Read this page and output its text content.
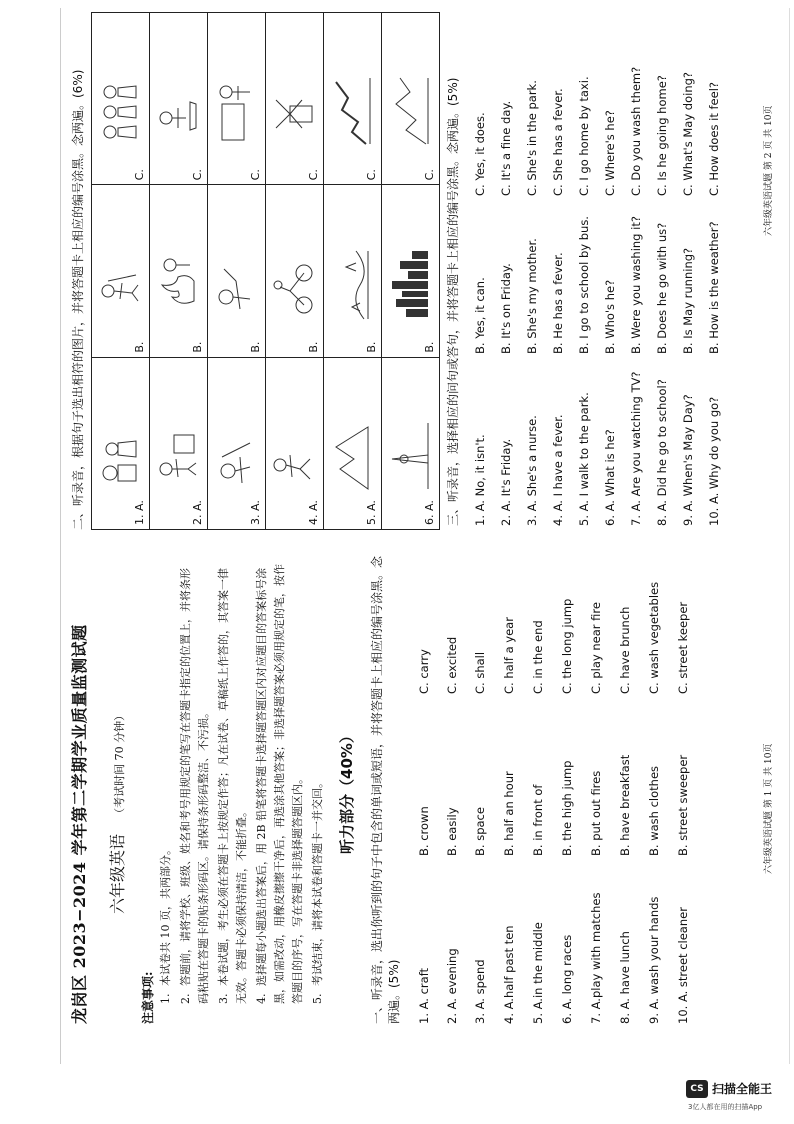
龙岗区 2023−2024 学年第二学期学业质量监测试题 六年级英语 （考试时间 70 分钟）
注意事项: 1.本试卷共 10 页，共两部分。
2.答题前，请将学校、班级、姓名和考号用规定的笔写在答题卡指定的位置上，并将条形码粘贴在答题卡的贴条形码区。请保持条形码整洁、不污损。 3.本卷试题，考生必须在答题卡上按规定作答；凡在试卷、草稿纸上作答的，其答案一律无效。答题卡必须保持清洁，不能折叠。 4.选择题每小题选出答案后，用 2B 铅笔将答题卡选择题答题区内对应题目的答案标号涂黑，如需改动，用橡皮擦擦干净后，再选涂其他答案；非选择题答案必须用规定的笔，按作答题目的序号，写在答题卡非选择题答题区内。 5.考试结束，请将本试卷和答题卡一并交回。 听力部分（40%） 一、听录音，选出你听到的句子中包含的单词或短语，并将答题卡上相应的编号涂黑。念两遍。(5%) 1. A. craft
B. crown
C. carry
2. A. evening
B. easily
C. excited
3. A. spend
B. space
C. shall
4. A.half past ten
B. half an hour
C. half a year
5. A.in the middle
B. in front of
C. in the end
6. A. long races
B. the high jump
C. the long jump
7. A.play with matches
B. put out fires
C. play near fire
8. A. have lunch
B. have breakfast
C. have brunch
9. A. wash your hands
B. wash clothes
C. wash vegetables
10. A. street cleaner
B. street sweeper
C. street keeper
六年级英语试题 第 1 页 共 10页
二、听录音，根据句子选出相符的图片，并将答题卡上相应的编号涂黑。念两遍。(6%)	1. A.
B.
C.
2. A.
B.
C.
3. A.
B.
C.
4. A.
B.
C.
5. A.
B.
C.
6. A.
B.
C. 三、听录音，选择相应的问句或答句，并将答题卡上相应的编号涂黑。念两遍。(5%) 1. A. No, it isn't.
B. Yes, it can.
C. Yes, it does.
2. A. It's Friday.
B. It's on Friday.
C. It's a fine day.
3. A. She's a nurse.
B. She's my mother.
C. She's in the park.
4. A. I have a fever.
B. He has a fever.
C. She has a fever.
5. A. I walk to the park.
B. I go to school by bus.
C. I go home by taxi.
6. A. What is he?
B. Who's he?
C. Where's he?
7. A. Are you watching TV?
B. Were you washing it?
C. Do you wash them?
8. A. Did he go to school?
B. Does he go with us?
C. Is he going home?
9. A. When's May Day?
B. Is May running?
C. What's May doing?
10. A. Why do you go?
B. How is the weather?
C. How does it feel?	六年级英语试题 第 2 页 共 10页
CS 扫描全能王
3亿人都在用的扫描App
